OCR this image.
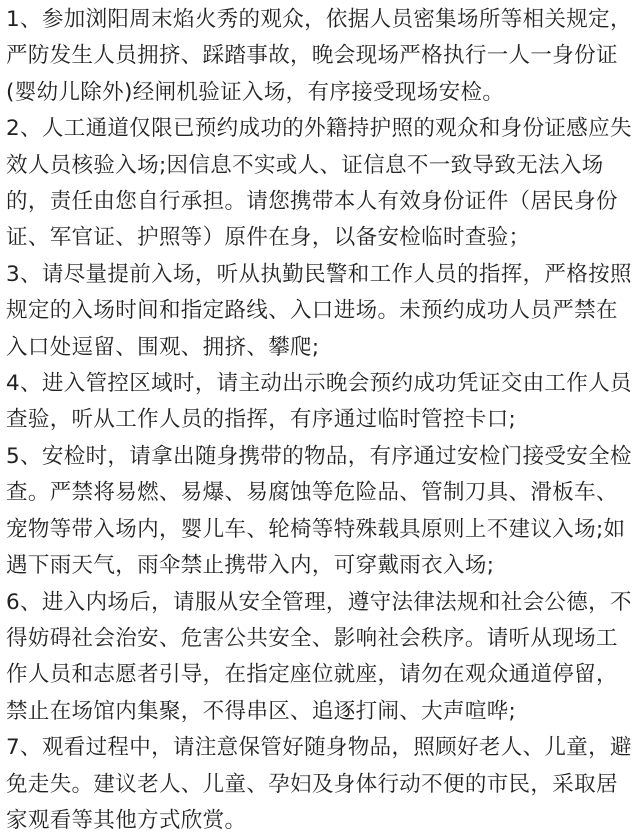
1、参加浏阳周末焰火秀的观众，依据人员密集场所等相关规定，严防发生人员拥挤、踩踏事故，晚会现场严格执行一人一身份证(婴幼儿除外)经闸机验证入场，有序接受现场安检。

2、人工通道仅限已预约成功的外籍持护照的观众和身份证感应失效人员核验入场;因信息不实或人、证信息不一致导致无法入场的，责任由您自行承担。请您携带本人有效身份证件（居民身份证、军官证、护照等）原件在身，以备安检临时查验；

3、请尽量提前入场，听从执勤民警和工作人员的指挥，严格按照规定的入场时间和指定路线、入口进场。未预约成功人员严禁在入口处逗留、围观、拥挤、攀爬;

4、进入管控区域时，请主动出示晚会预约成功凭证交由工作人员查验，听从工作人员的指挥，有序通过临时管控卡口;

5、安检时，请拿出随身携带的物品，有序通过安检门接受安全检查。严禁将易燃、易爆、易腐蚀等危险品、管制刀具、滑板车、宠物等带入场内，婴儿车、轮椅等特殊载具原则上不建议入场;如遇下雨天气，雨伞禁止携带入内，可穿戴雨衣入场;

6、进入内场后，请服从安全管理，遵守法律法规和社会公德，不得妨碍社会治安、危害公共安全、影响社会秩序。请听从现场工作人员和志愿者引导，在指定座位就座，请勿在观众通道停留，禁止在场馆内集聚，不得串区、追逐打闹、大声喧哗;

7、观看过程中，请注意保管好随身物品，照顾好老人、儿童，避免走失。建议老人、儿童、孕妇及身体行动不便的市民，采取居家观看等其他方式欣赏。
